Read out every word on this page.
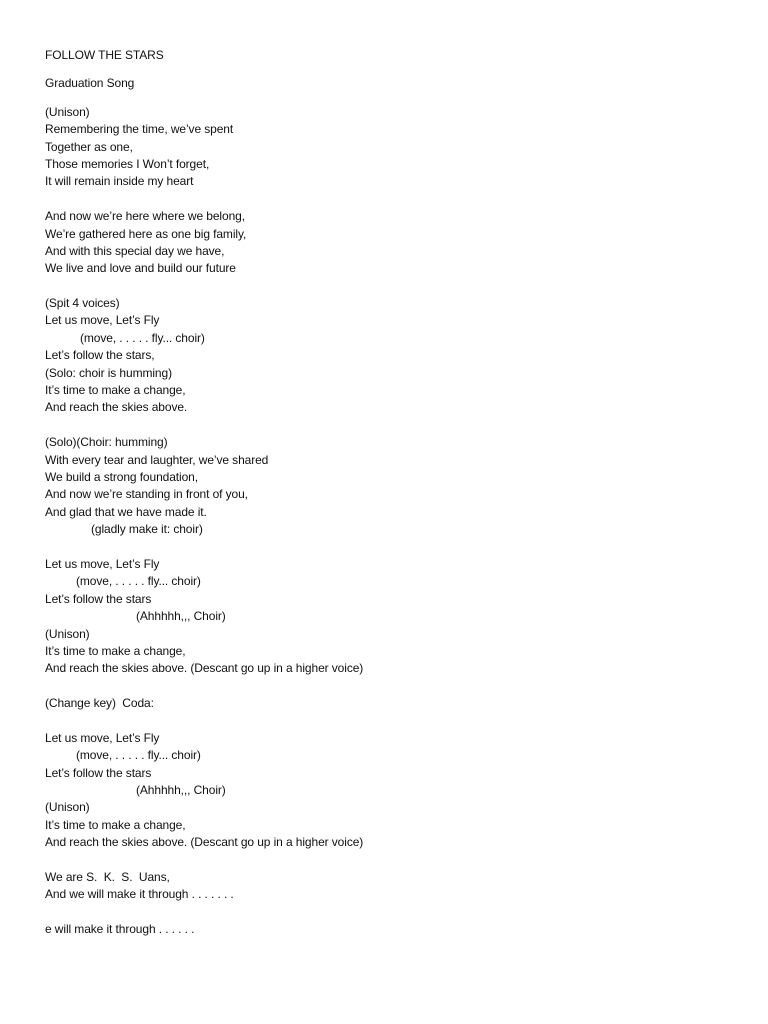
FOLLOW THE STARS
Graduation Song
(Unison)
Remembering the time, we’ve spent
Together as one,
Those memories I Won’t forget,
It will remain inside my heart
And now we’re here where we belong,
We’re gathered here as one big family,
And with this special day we have,
We live and love and build our future
(Spit 4 voices)
Let us move, Let’s Fly
(move, . . . . . fly... choir)
Let’s follow the stars,
(Solo: choir is humming)
It’s time to make a change,
And reach the skies above.
(Solo)(Choir: humming)
With every tear and laughter, we’ve shared
We build a strong foundation,
And now we’re standing in front of you,
And glad that we have made it.
(gladly make it: choir)
Let us move, Let’s Fly
(move, . . . . . fly... choir)
Let’s follow the stars
(Ahhhhh,,, Choir)
(Unison)
It’s time to make a change,
And reach the skies above. (Descant go up in a higher voice)
(Change key)  Coda:
Let us move, Let’s Fly
(move, . . . . . fly... choir)
Let’s follow the stars
(Ahhhhh,,, Choir)
(Unison)
It’s time to make a change,
And reach the skies above. (Descant go up in a higher voice)
We are S.  K.  S.  Uans,
And we will make it through . . . . . . .
e will make it through . . . . . .
